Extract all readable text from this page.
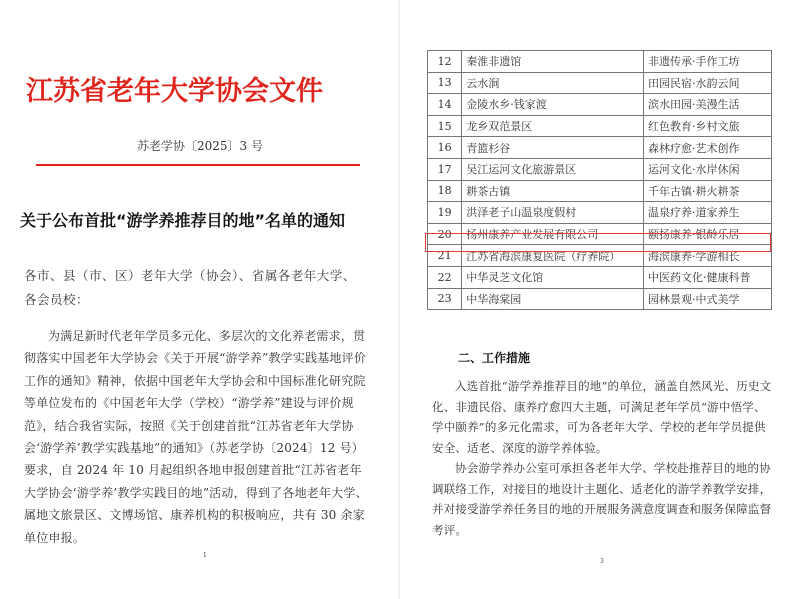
江苏省老年大学协会文件
苏老学协〔2025〕3 号
关于公布首批“游学养推荐目的地”名单的通知
各市、县（市、区）老年大学（协会）、省属各老年大学、各会员校：
为满足新时代老年学员多元化、多层次的文化养老需求，贯彻落实中国老年大学协会《关于开展“游学养”教学实践基地评价工作的通知》精神，依据中国老年大学协会和中国标准化研究院等单位发布的《中国老年大学（学校）“游学养”建设与评价规范》，结合我省实际，按照《关于创建首批“江苏省老年大学协会‘游学养’教学实践基地”的通知》（苏老学协〔2024〕12 号）要求，自 2024 年 10 月起组织各地申报创建首批“江苏省老年大学协会‘游学养’教学实践目的地”活动，得到了各地老年大学、属地文旅景区、文博场馆、康养机构的积极响应，共有 30 余家单位申报。
1
12	秦淮非遗馆	非遗传承·手作工坊
13	云水涧	田园民宿·水韵云间
14	金陵水乡·钱家渡	滨水田园·美漫生活
15	龙乡双范景区	红色教育·乡村文旅
16	青篮杉谷	森林疗愈·艺术创作
17	吴江运河文化旅游景区	运河文化·水岸休闲
18	耕茶古镇	千年古镇·耕火耕茶
19	洪泽老子山温泉度假村	温泉疗养·道家养生
20	扬州康养产业发展有限公司	颐扬康养·银龄乐居
21	江苏省海滨康复医院（疗养院）	海滨康养·学游相长
22	中华灵芝文化馆	中医药文化·健康科普
23	中华海棠园	园林景观·中式美学
二、工作措施
入选首批“游学养推荐目的地”的单位，涵盖自然风光、历史文化、非遗民俗、康养疗愈四大主题，可满足老年学员“游中悟学、学中颐养”的多元化需求，可为各老年大学、学校的老年学员提供安全、适老、深度的游学养体验。
协会游学养办公室可承担各老年大学、学校赴推荐目的地的协调联络工作，对接目的地设计主题化、适老化的游学养教学安排，并对接受游学养任务目的地的开展服务满意度调查和服务保障监督考评。
3
